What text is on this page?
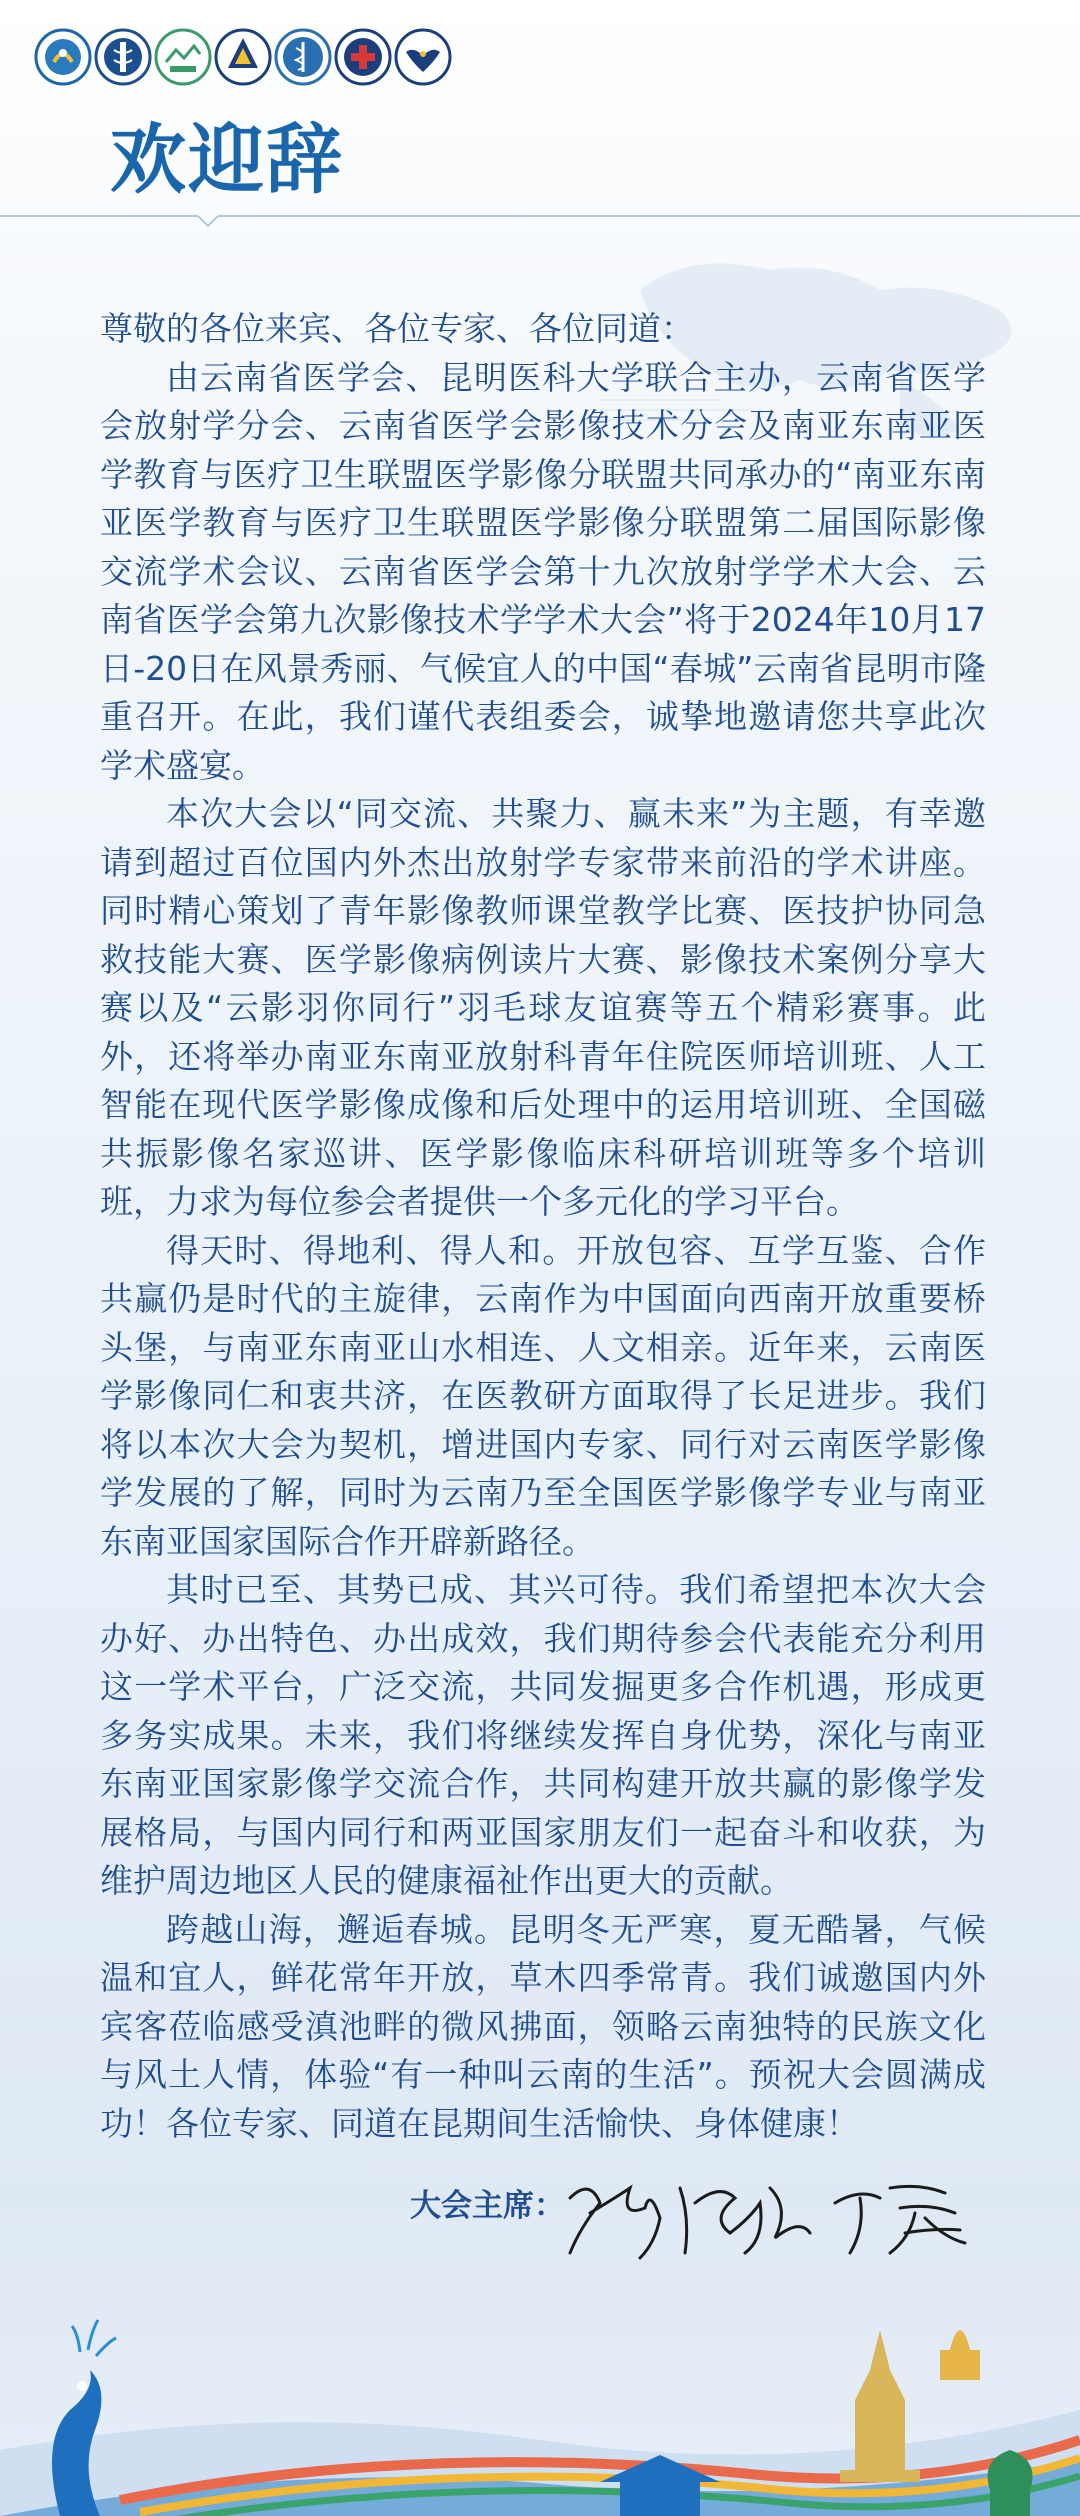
欢迎辞

尊敬的各位来宾、各位专家、各位同道：

由云南省医学会、昆明医科大学联合主办，云南省医学会放射学分会、云南省医学会影像技术分会及南亚东南亚医学教育与医疗卫生联盟医学影像分联盟共同承办的“南亚东南亚医学教育与医疗卫生联盟医学影像分联盟第二届国际影像交流学术会议、云南省医学会第十九次放射学学术大会、云南省医学会第九次影像技术学学术大会”将于2024年10月17日-20日在风景秀丽、气候宜人的中国“春城”云南省昆明市隆重召开。在此，我们谨代表组委会，诚挚地邀请您共享此次学术盛宴。

本次大会以“同交流、共聚力、赢未来”为主题，有幸邀请到超过百位国内外杰出放射学专家带来前沿的学术讲座。同时精心策划了青年影像教师课堂教学比赛、医技护协同急救技能大赛、医学影像病例读片大赛、影像技术案例分享大赛以及“云影羽你同行”羽毛球友谊赛等五个精彩赛事。此外，还将举办南亚东南亚放射科青年住院医师培训班、人工智能在现代医学影像成像和后处理中的运用培训班、全国磁共振影像名家巡讲、医学影像临床科研培训班等多个培训班，力求为每位参会者提供一个多元化的学习平台。

得天时、得地利、得人和。开放包容、互学互鉴、合作共赢仍是时代的主旋律，云南作为中国面向西南开放重要桥头堡，与南亚东南亚山水相连、人文相亲。近年来，云南医学影像同仁和衷共济，在医教研方面取得了长足进步。我们将以本次大会为契机，增进国内专家、同行对云南医学影像学发展的了解，同时为云南乃至全国医学影像学专业与南亚东南亚国家国际合作开辟新路径。

其时已至、其势已成、其兴可待。我们希望把本次大会办好、办出特色、办出成效，我们期待参会代表能充分利用这一学术平台，广泛交流，共同发掘更多合作机遇，形成更多务实成果。未来，我们将继续发挥自身优势，深化与南亚东南亚国家影像学交流合作，共同构建开放共赢的影像学发展格局，与国内同行和两亚国家朋友们一起奋斗和收获，为维护周边地区人民的健康福祉作出更大的贡献。

跨越山海，邂逅春城。昆明冬无严寒，夏无酷暑，气候温和宜人，鲜花常年开放，草木四季常青。我们诚邀国内外宾客莅临感受滇池畔的微风拂面，领略云南独特的民族文化与风土人情，体验“有一种叫云南的生活”。预祝大会圆满成功！各位专家、同道在昆期间生活愉快、身体健康！

大会主席：
